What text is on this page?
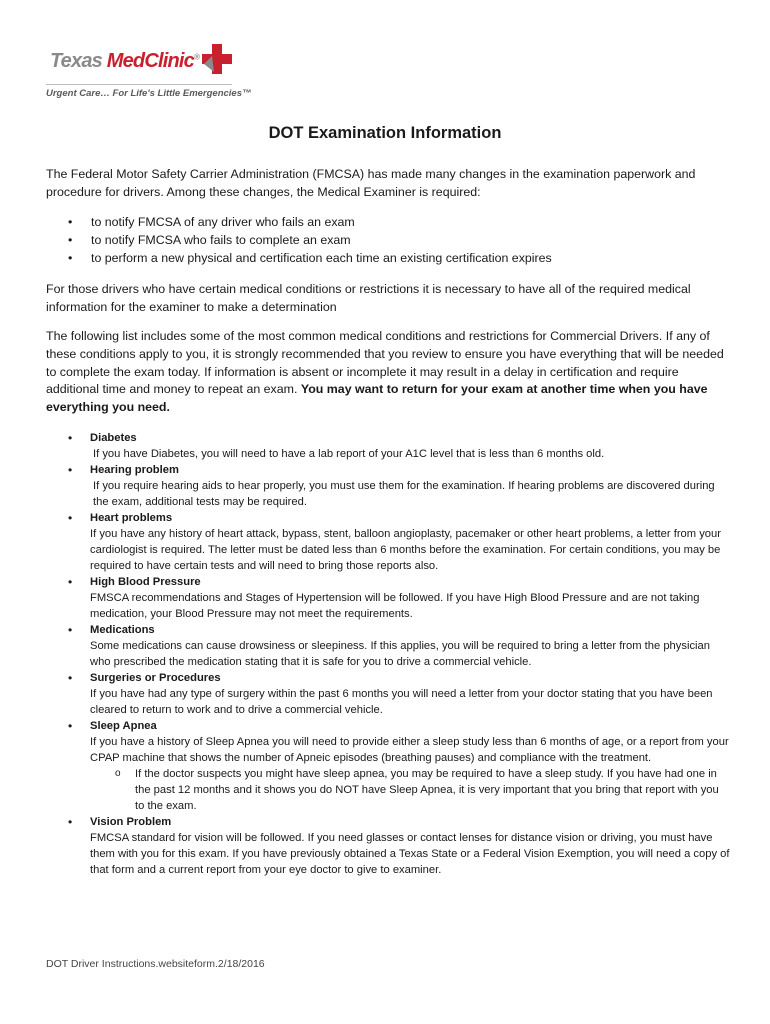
Texas MedClinic®
Urgent Care… For Life's Little Emergencies™
DOT Examination Information

The Federal Motor Safety Carrier Administration (FMCSA) has made many changes in the examination paperwork and procedure for drivers. Among these changes, the Medical Examiner is required:

• to notify FMCSA of any driver who fails an exam
• to notify FMCSA who fails to complete an exam
• to perform a new physical and certification each time an existing certification expires

For those drivers who have certain medical conditions or restrictions it is necessary to have all of the required medical information for the examiner to make a determination

The following list includes some of the most common medical conditions and restrictions for Commercial Drivers. If any of these conditions apply to you, it is strongly recommended that you review to ensure you have everything that will be needed to complete the exam today. If information is absent or incomplete it may result in a delay in certification and require additional time and money to repeat an exam. You may want to return for your exam at another time when you have everything you need.

• Diabetes
If you have Diabetes, you will need to have a lab report of your A1C level that is less than 6 months old.
• Hearing problem
If you require hearing aids to hear properly, you must use them for the examination. If hearing problems are discovered during the exam, additional tests may be required.
• Heart problems
If you have any history of heart attack, bypass, stent, balloon angioplasty, pacemaker or other heart problems, a letter from your cardiologist is required. The letter must be dated less than 6 months before the examination. For certain conditions, you may be required to have certain tests and will need to bring those reports also.
• High Blood Pressure
FMSCA recommendations and Stages of Hypertension will be followed. If you have High Blood Pressure and are not taking medication, your Blood Pressure may not meet the requirements.
• Medications
Some medications can cause drowsiness or sleepiness. If this applies, you will be required to bring a letter from the physician who prescribed the medication stating that it is safe for you to drive a commercial vehicle.
• Surgeries or Procedures
If you have had any type of surgery within the past 6 months you will need a letter from your doctor stating that you have been cleared to return to work and to drive a commercial vehicle.
• Sleep Apnea
If you have a history of Sleep Apnea you will need to provide either a sleep study less than 6 months of age, or a report from your CPAP machine that shows the number of Apneic episodes (breathing pauses) and compliance with the treatment.
o If the doctor suspects you might have sleep apnea, you may be required to have a sleep study. If you have had one in the past 12 months and it shows you do NOT have Sleep Apnea, it is very important that you bring that report with you to the exam.
• Vision Problem
FMCSA standard for vision will be followed. If you need glasses or contact lenses for distance vision or driving, you must have them with you for this exam. If you have previously obtained a Texas State or a Federal Vision Exemption, you will need a copy of that form and a current report from your eye doctor to give to examiner.
DOT Driver Instructions.websiteform.2/18/2016
